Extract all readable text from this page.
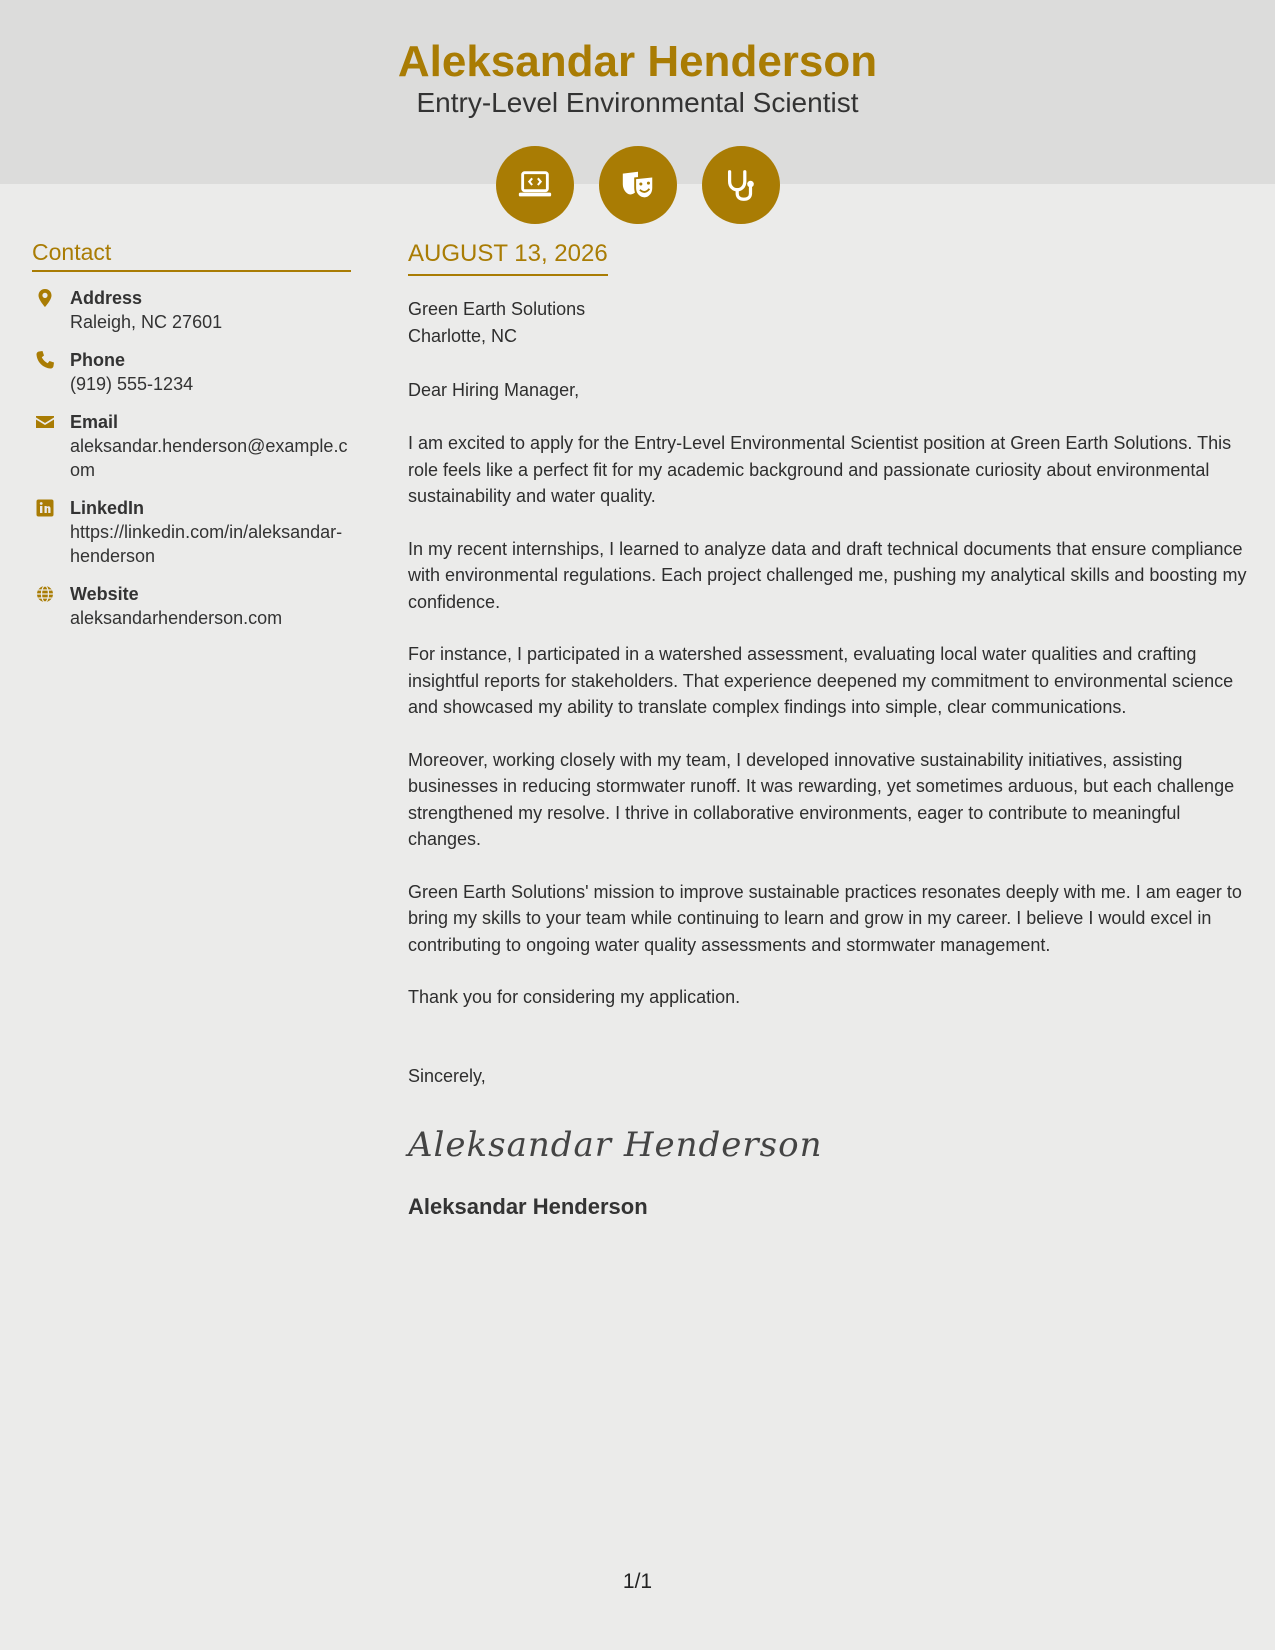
Aleksandar Henderson
Entry-Level Environmental Scientist
Contact
Address
Raleigh, NC 27601
Phone
(919) 555-1234
Email
aleksandar.henderson@example.com
LinkedIn
https://linkedin.com/in/aleksandar-henderson
Website
aleksandarhenderson.com
AUGUST 13, 2026
Green Earth Solutions
Charlotte, NC
Dear Hiring Manager,
I am excited to apply for the Entry-Level Environmental Scientist position at Green Earth Solutions. This role feels like a perfect fit for my academic background and passionate curiosity about environmental sustainability and water quality.
In my recent internships, I learned to analyze data and draft technical documents that ensure compliance with environmental regulations. Each project challenged me, pushing my analytical skills and boosting my confidence.
For instance, I participated in a watershed assessment, evaluating local water qualities and crafting insightful reports for stakeholders. That experience deepened my commitment to environmental science and showcased my ability to translate complex findings into simple, clear communications.
Moreover, working closely with my team, I developed innovative sustainability initiatives, assisting businesses in reducing stormwater runoff. It was rewarding, yet sometimes arduous, but each challenge strengthened my resolve. I thrive in collaborative environments, eager to contribute to meaningful changes.
Green Earth Solutions' mission to improve sustainable practices resonates deeply with me. I am eager to bring my skills to your team while continuing to learn and grow in my career. I believe I would excel in contributing to ongoing water quality assessments and stormwater management.
Thank you for considering my application.
Sincerely,
Aleksandar Henderson
Aleksandar Henderson
1/1
